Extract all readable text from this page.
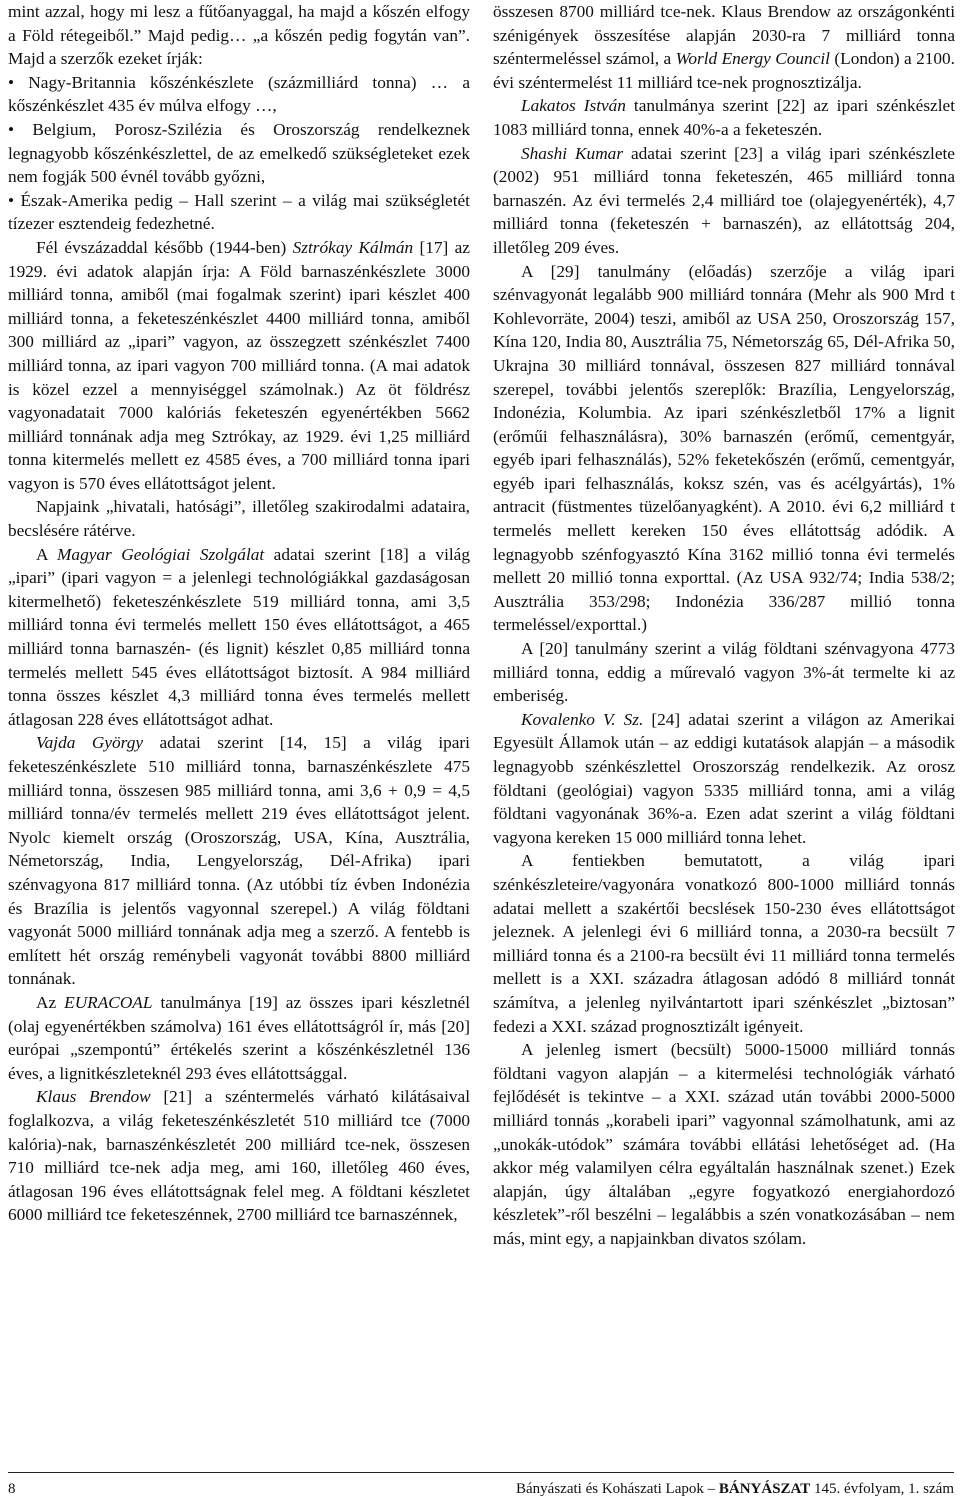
mint azzal, hogy mi lesz a fűtőanyaggal, ha majd a kőszén elfogy a Föld rétegeiből.” Majd pedig… „a kőszén pedig fogytán van”. Majd a szerzők ezeket írják:

• Nagy-Britannia kőszénkészlete (százmilliárd tonna) … a kőszénkészlet 435 év múlva elfogy …,

• Belgium, Porosz-Szilézia és Oroszország rendelkeznek legnagyobb kőszénkészlettel, de az emelkedő szükségleteket ezek nem fogják 500 évnél tovább győzni,

• Észak-Amerika pedig – Hall szerint – a világ mai szükségletét tízezer esztendeig fedezhetné.

Fél évszázaddal később (1944-ben) Sztrókay Kálmán [17] az 1929. évi adatok alapján írja: A Föld barnaszénkészlete 3000 milliárd tonna, amiből (mai fogalmak szerint) ipari készlet 400 milliárd tonna, a feketeszénkészlet 4400 milliárd tonna, amiből 300 milliárd az „ipari” vagyon, az összegzett szénkészlet 7400 milliárd tonna, az ipari vagyon 700 milliárd tonna. (A mai adatok is közel ezzel a mennyiséggel számolnak.) Az öt földrész vagyonadatait 7000 kalóriás feketeszén egyenértékben 5662 milliárd tonnának adja meg Sztrókay, az 1929. évi 1,25 milliárd tonna kitermelés mellett ez 4585 éves, a 700 milliárd tonna ipari vagyon is 570 éves ellátottságot jelent.

Napjaink „hivatali, hatósági”, illetőleg szakirodalmi adataira, becslésére rátérve.

A Magyar Geológiai Szolgálat adatai szerint [18] a világ „ipari” (ipari vagyon = a jelenlegi technológiákkal gazdaságosan kitermelhető) feketeszénkészlete 519 milliárd tonna, ami 3,5 milliárd tonna évi termelés mellett 150 éves ellátottságot, a 465 milliárd tonna barnaszén- (és lignit) készlet 0,85 milliárd tonna termelés mellett 545 éves ellátottságot biztosít. A 984 milliárd tonna összes készlet 4,3 milliárd tonna éves termelés mellett átlagosan 228 éves ellátottságot adhat.

Vajda György adatai szerint [14, 15] a világ ipari feketeszénkészlete 510 milliárd tonna, barnaszénkészlete 475 milliárd tonna, összesen 985 milliárd tonna, ami 3,6 + 0,9 = 4,5 milliárd tonna/év termelés mellett 219 éves ellátottságot jelent. Nyolc kiemelt ország (Oroszország, USA, Kína, Ausztrália, Németország, India, Lengyelország, Dél-Afrika) ipari szénvagyona 817 milliárd tonna. (Az utóbbi tíz évben Indonézia és Brazília is jelentős vagyonnal szerepel.) A világ földtani vagyonát 5000 milliárd tonnának adja meg a szerző. A fentebb is említett hét ország reménybeli vagyonát további 8800 milliárd tonnának.

Az EURACOAL tanulmánya [19] az összes ipari készletnél (olaj egyenértékben számolva) 161 éves ellátottságról ír, más [20] európai „szempontú” értékelés szerint a kőszénkészletnél 136 éves, a lignitkészleteknél 293 éves ellátottsággal.

Klaus Brendow [21] a széntermelés várható kilátásaival foglalkozva, a világ feketeszénkészletét 510 milliárd tce (7000 kalória)-nak, barnaszénkészletét 200 milliárd tce-nek, összesen 710 milliárd tce-nek adja meg, ami 160, illetőleg 460 éves, átlagosan 196 éves ellátottságnak felel meg. A földtani készletet 6000 milliárd tce feketeszénnek, 2700 milliárd tce barnaszénnek,

összesen 8700 milliárd tce-nek. Klaus Brendow az országonkénti szénigények összesítése alapján 2030-ra 7 milliárd tonna széntermeléssel számol, a World Energy Council (London) a 2100. évi széntermelést 11 milliárd tce-nek prognosztizálja.

Lakatos István tanulmánya szerint [22] az ipari szénkészlet 1083 milliárd tonna, ennek 40%-a a feketeszén.

Shashi Kumar adatai szerint [23] a világ ipari szénkészlete (2002) 951 milliárd tonna feketeszén, 465 milliárd tonna barnaszén. Az évi termelés 2,4 milliárd toe (olajegyenérték), 4,7 milliárd tonna (feketeszén + barnaszén), az ellátottság 204, illetőleg 209 éves.

A [29] tanulmány (előadás) szerzője a világ ipari szénvagyonát legalább 900 milliárd tonnára (Mehr als 900 Mrd t Kohlevorräte, 2004) teszi, amiből az USA 250, Oroszország 157, Kína 120, India 80, Ausztrália 75, Németország 65, Dél-Afrika 50, Ukrajna 30 milliárd tonnával, összesen 827 milliárd tonnával szerepel, további jelentős szereplők: Brazília, Lengyelország, Indonézia, Kolumbia. Az ipari szénkészletből 17% a lignit (erőműi felhasználásra), 30% barnaszén (erőmű, cementgyár, egyéb ipari felhasználás), 52% feketekőszén (erőmű, cementgyár, egyéb ipari felhasználás, koksz szén, vas és acélgyártás), 1% antracit (füstmentes tüzelőanyagként). A 2010. évi 6,2 milliárd t termelés mellett kereken 150 éves ellátottság adódik. A legnagyobb szénfogyasztó Kína 3162 millió tonna évi termelés mellett 20 millió tonna exporttal. (Az USA 932/74; India 538/2; Ausztrália 353/298; Indonézia 336/287 millió tonna termeléssel/exporttal.)

A [20] tanulmány szerint a világ földtani szénvagyona 4773 milliárd tonna, eddig a műrevaló vagyon 3%-át termelte ki az emberiség.

Kovalenko V. Sz. [24] adatai szerint a világon az Amerikai Egyesült Államok után – az eddigi kutatások alapján – a második legnagyobb szénkészlettel Oroszország rendelkezik. Az orosz földtani (geológiai) vagyon 5335 milliárd tonna, ami a világ földtani vagyonának 36%-a. Ezen adat szerint a világ földtani vagyona kereken 15 000 milliárd tonna lehet.

A fentiekben bemutatott, a világ ipari szénkészleteire/vagyonára vonatkozó 800-1000 milliárd tonnás adatai mellett a szakértői becslések 150-230 éves ellátottságot jeleznek. A jelenlegi évi 6 milliárd tonna, a 2030-ra becsült 7 milliárd tonna és a 2100-ra becsült évi 11 milliárd tonna termelés mellett is a XXI. századra átlagosan adódó 8 milliárd tonnát számítva, a jelenleg nyilvántartott ipari szénkészlet „biztosan” fedezi a XXI. század prognosztizált igényeit.

A jelenleg ismert (becsült) 5000-15000 milliárd tonnás földtani vagyon alapján – a kitermelési technológiák várható fejlődését is tekintve – a XXI. század után további 2000-5000 milliárd tonnás „korabeli ipari” vagyonnal számolhatunk, ami az „unokák-utódok” számára további ellátási lehetőséget ad. (Ha akkor még valamilyen célra egyáltalán használnak szenet.) Ezek alapján, úgy általában „egyre fogyatkozó energiahordozó készletek”-ről beszélni – legalábbis a szén vonatkozásában – nem más, mint egy, a napjainkban divatos szólam.

8	Bányászati és Kohászati Lapok – BÁNYÁSZAT 145. évfolyam, 1. szám
